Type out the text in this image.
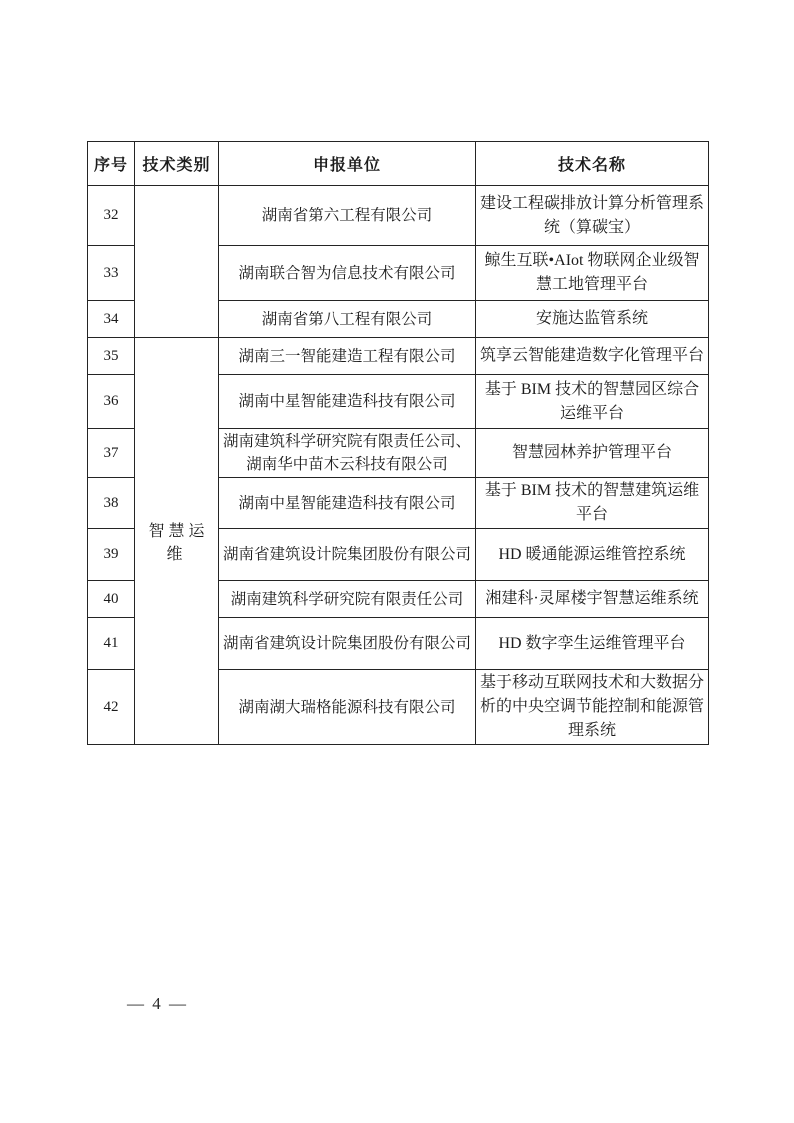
序号	技术类别	申报单位	技术名称
32		湖南省第六工程有限公司	建设工程碳排放计算分析管理系统（算碳宝）
33		湖南联合智为信息技术有限公司	鲸生互联•AIot 物联网企业级智慧工地管理平台
34		湖南省第八工程有限公司	安施达监管系统
35	智慧运维	湖南三一智能建造工程有限公司	筑享云智能建造数字化管理平台
36		湖南中星智能建造科技有限公司	基于 BIM 技术的智慧园区综合运维平台
37		湖南建筑科学研究院有限责任公司、湖南华中苗木云科技有限公司	智慧园林养护管理平台
38		湖南中星智能建造科技有限公司	基于 BIM 技术的智慧建筑运维平台
39		湖南省建筑设计院集团股份有限公司	HD 暖通能源运维管控系统
40		湖南建筑科学研究院有限责任公司	湘建科·灵犀楼宇智慧运维系统
41		湖南省建筑设计院集团股份有限公司	HD 数字孪生运维管理平台
42		湖南湖大瑞格能源科技有限公司	基于移动互联网技术和大数据分析的中央空调节能控制和能源管理系统
— 4 —
